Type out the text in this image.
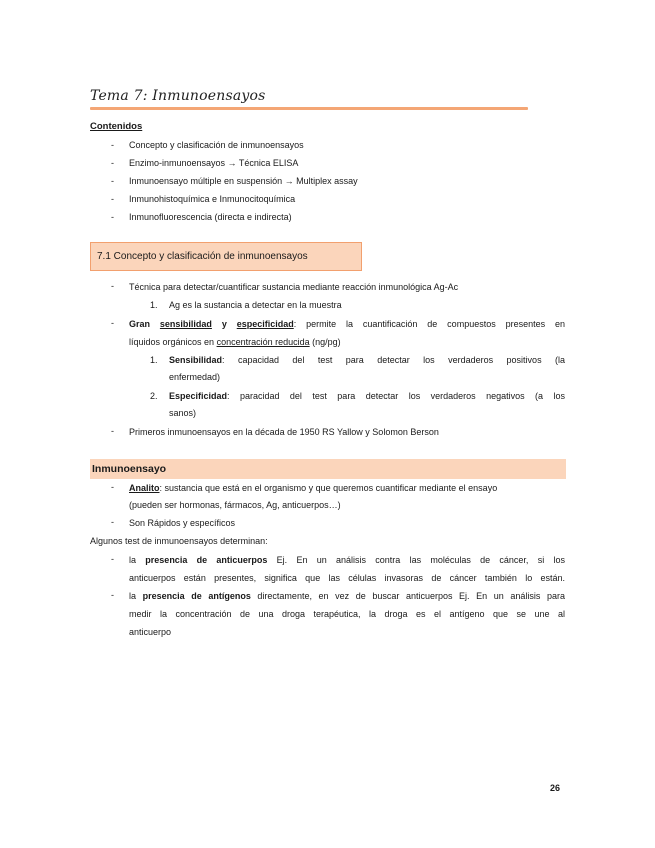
Tema 7: Inmunoensayos
Contenidos
- Concepto y clasificación de inmunoensayos
- Enzimo-inmunoensayos → Técnica ELISA
- Inmunoensayo múltiple en suspensión → Multiplex assay
- Inmunohistoquímica e Inmunocitoquímica
- Inmunofluorescencia (directa e indirecta)
7.1 Concepto y clasificación de inmunoensayos
- Técnica para detectar/cuantificar sustancia mediante reacción inmunológica Ag-Ac
1. Ag es la sustancia a detectar en la muestra
- Gran sensibilidad y especificidad: permite la cuantificación de compuestos presentes en
líquidos orgánicos en concentración reducida (ng/pg)
1. Sensibilidad: capacidad del test para detectar los verdaderos positivos (la
enfermedad)
2. Especificidad: paracidad del test para detectar los verdaderos negativos (a los
sanos)
- Primeros inmunoensayos en la década de 1950 RS Yallow y Solomon Berson
Inmunoensayo
- Analito: sustancia que está en el organismo y que queremos cuantificar mediante el ensayo
(pueden ser hormonas, fármacos, Ag, anticuerpos…)
- Son Rápidos y específicos
Algunos test de inmunoensayos determinan:
- la presencia de anticuerpos Ej. En un análisis contra las moléculas de cáncer, si los
anticuerpos están presentes, significa que las células invasoras de cáncer también lo están.
- la presencia de antígenos directamente, en vez de buscar anticuerpos Ej. En un análisis para
medir la concentración de una droga terapéutica, la droga es el antígeno que se une al
anticuerpo
26
